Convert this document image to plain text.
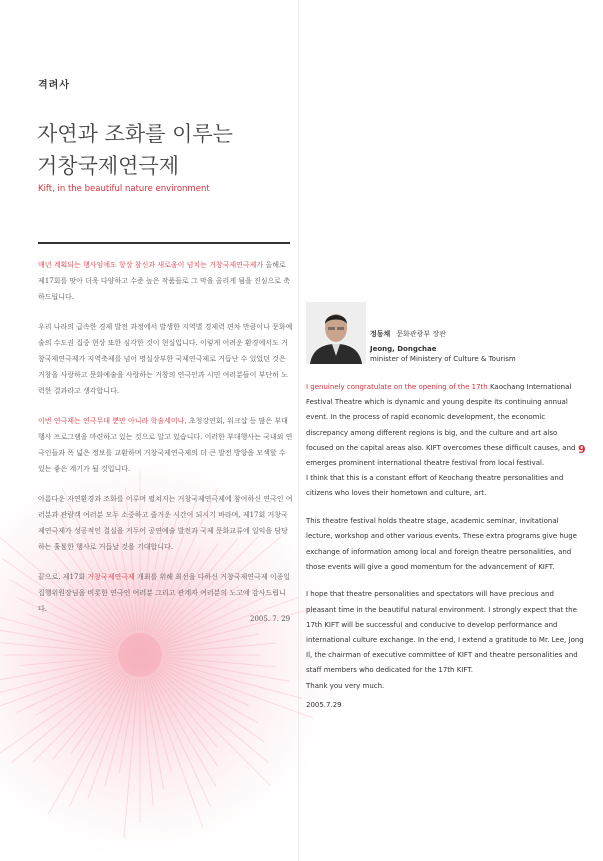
격려사
자연과 조화를 이루는
거창국제연극제
Kift, in the beautiful nature environment

매년 계획되는 행사임에도 항상 참신과 새로움이 넘치는 거창국제연극제가 올해로 제17회를 맞아 더욱 다양하고 수준 높은 작품들로 그 막을 올리게 됨을 진심으로 축하드립니다.

우리 나라의 급속한 경제 발전 과정에서 발생한 지역별 경제력 편차 만큼이나 문화예술의 수도권 집중 현상 또한 심각한 것이 현실입니다. 이렇게 어려운 환경에서도 거창국제연극제가 지역축제를 넘어 명실상부한 국제연극제로 거듭난 수 있었던 것은 거창을 사랑하고 문화예술을 사랑하는 거창의 연극인과 시민 여러분들이 부단히 노력한 결과라고 생각합니다.

이번 연극제는 연극무대 뿐만 아니라 학술세미나, 초청강연회, 워크샵 등 많은 부대행사 프로그램을 마련하고 있는 것으로 알고 있습니다. 이러한 부대행사는 국내외 연극인들과 폭 넓은 정보를 교환하며 거창국제연극제의 더 큰 발전 방향을 모색할 수 있는 좋은 계기가 될 것입니다.

아름다운 자연환경과 조화를 이루며 펼쳐지는 거창국제연극제에 참여하신 연극인 여러분과 관람객 여러분 모두 소중하고 즐거운 시간이 되시기 바라며, 제17회 거창국제연극제가 성공적인 결실을 거두어 공연예술 발전과 국제 문화교류에 일익을 담당하는 훌륭한 행사로 거듭날 것을 기대합니다.

끝으로, 제17회 거창국제연극제 개최를 위해 최선을 다하신 거창국제연극제 이종일 집행위원장님을 비롯한 연극인 여러분 그리고 관계자 여러분의 노고에 감사드립니다.

2005. 7. 29
정동채 문화관광부 장관
Jeong, Dongchae
minister of Ministery of Culture & Tourism

I genuinely congratulate on the opening of the 17th Kaochang International Festival Theatre which is dynamic and young despite its continuing annual event. In the process of rapid economic development, the economic discrepancy among different regions is big, and the culture and art also focused on the capital areas also. KIFT overcomes these difficult causes, and emerges prominent international theatre festival from local festival.
I think that this is a constant effort of Keochang theatre personalities and citizens who loves their hometown and culture, art.

This theatre festival holds theatre stage, academic seminar, invitational lecture, workshop and other various events. These extra programs give huge exchange of information among local and foreign theatre personalities, and those events will give a good momentum for the advancement of KIFT.

I hope that theatre personalities and spectators will have precious and pleasant time in the beautiful natural environment. I strongly expect that the 17th KIFT will be successful and conducive to develop performance and international culture exchange. In the end, I extend a gratitude to Mr. Lee, Jong Il, the chairman of executive committee of KIFT and theatre personalities and staff members who dedicated for the 17th KIFT.
Thank you very much.

2005.7.29
9
